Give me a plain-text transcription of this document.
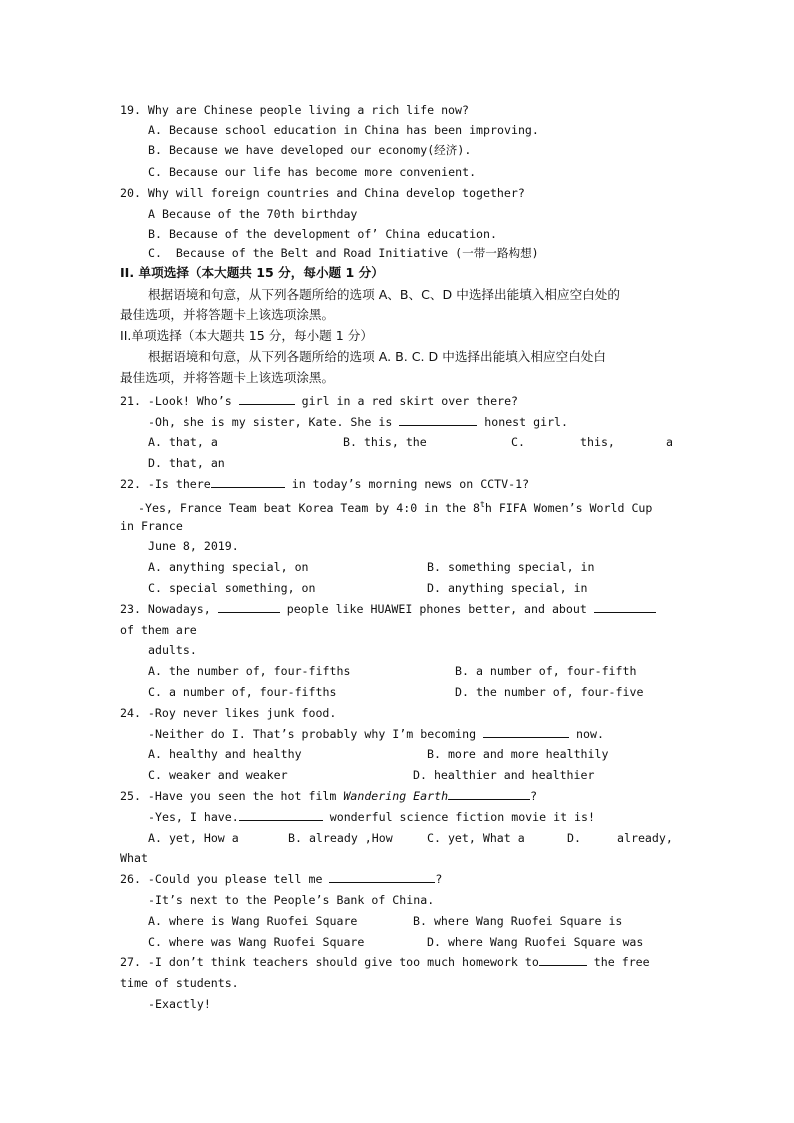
19. Why are Chinese people living a rich life now?
A. Because school education in China has been improving.
B. Because we have developed our economy(经济).
C. Because our life has become more convenient.
20. Why will foreign countries and China develop together?
A Because of the 70th birthday
B. Because of the development of’ China education.
C.  Because of the Belt and Road Initiative (一带一路构想)
II. 单项选择（本大题共 15 分，每小题 1 分）
根据语境和句意，从下列各题所给的选项 A、B、C、D 中选择出能填入相应空白处的
最佳选项，并将答题卡上该选项涂黑。
II.单项选择（本大题共 15 分，每小题 1 分）
根据语境和句意，从下列各题所给的选项 A. B. C. D 中选择出能填入相应空白处白
最佳选项，并将答题卡上该选项涂黑。
21. -Look! Who’s	girl in a red skirt over there?
-Oh, she is my sister, Kate. She is	honest girl.
A. that, a	B. this, the	C.	this,	a
D. that, an
22. -Is there	in today’s morning news on CCTV-1?
-Yes, France Team beat Korea Team by 4:0 in the 8$^t$h FIFA Women’s World Cup
in France
June 8, 2019.
A. anything special, on	B. something special, in
C. special something, on	D. anything special, in
23. Nowadays,	people like HUAWEI phones better, and about
of them are
adults.
A. the number of, four-fifths	B. a number of, four-fifth
C. a number of, four-fifths	D. the number of, four-five
24. -Roy never likes junk food.
-Neither do I. That’s probably why I’m becoming	now.
A. healthy and healthy	B. more and more healthily
C. weaker and weaker	D. healthier and healthier
25. -Have you seen the hot film Wandering Earth	?
-Yes, I have.	wonderful science fiction movie it is!
A. yet, How a	B. already ,How	C. yet, What a	D.	already,
What
26. -Could you please tell me	?
-It’s next to the People’s Bank of China.
A. where is Wang Ruofei Square	B. where Wang Ruofei Square is
C. where was Wang Ruofei Square	D. where Wang Ruofei Square was
27. -I don’t think teachers should give too much homework to	the free
time of students.
-Exactly!
